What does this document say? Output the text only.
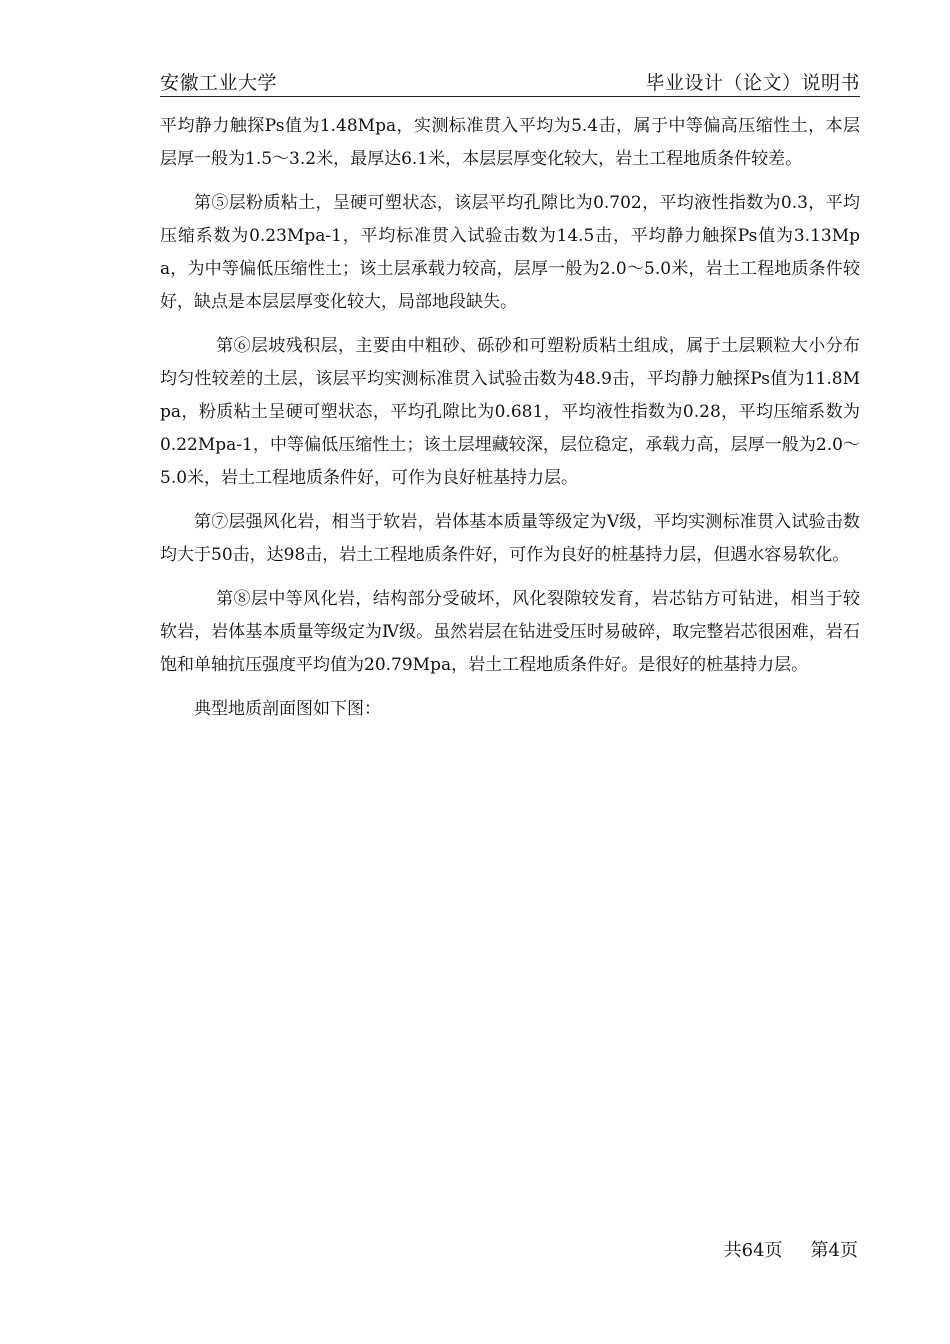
安徽工业大学	毕业设计（论文）说明书

平均静力触探Ps值为1.48Mpa，实测标准贯入平均为5.4击，属于中等偏高压缩性土，本层层厚一般为1.5～3.2米，最厚达6.1米，本层层厚变化较大，岩土工程地质条件较差。

第⑤层粉质粘土，呈硬可塑状态，该层平均孔隙比为0.702，平均液性指数为0.3，平均压缩系数为0.23Mpa-1，平均标准贯入试验击数为14.5击，平均静力触探Ps值为3.13Mpa，为中等偏低压缩性土；该土层承载力较高，层厚一般为2.0～5.0米，岩土工程地质条件较好，缺点是本层层厚变化较大，局部地段缺失。

第⑥层坡残积层，主要由中粗砂、砾砂和可塑粉质粘土组成，属于土层颗粒大小分布均匀性较差的土层，该层平均实测标准贯入试验击数为48.9击，平均静力触探Ps值为11.8Mpa，粉质粘土呈硬可塑状态，平均孔隙比为0.681，平均液性指数为0.28，平均压缩系数为0.22Mpa-1，中等偏低压缩性土；该土层埋藏较深，层位稳定，承载力高，层厚一般为2.0～5.0米，岩土工程地质条件好，可作为良好桩基持力层。

第⑦层强风化岩，相当于软岩，岩体基本质量等级定为Ⅴ级，平均实测标准贯入试验击数均大于50击，达98击，岩土工程地质条件好，可作为良好的桩基持力层，但遇水容易软化。

第⑧层中等风化岩，结构部分受破坏，风化裂隙较发育，岩芯钻方可钻进，相当于较软岩，岩体基本质量等级定为Ⅳ级。虽然岩层在钻进受压时易破碎，取完整岩芯很困难，岩石饱和单轴抗压强度平均值为20.79Mpa，岩土工程地质条件好。是很好的桩基持力层。

典型地质剖面图如下图：

共64页 第4页
